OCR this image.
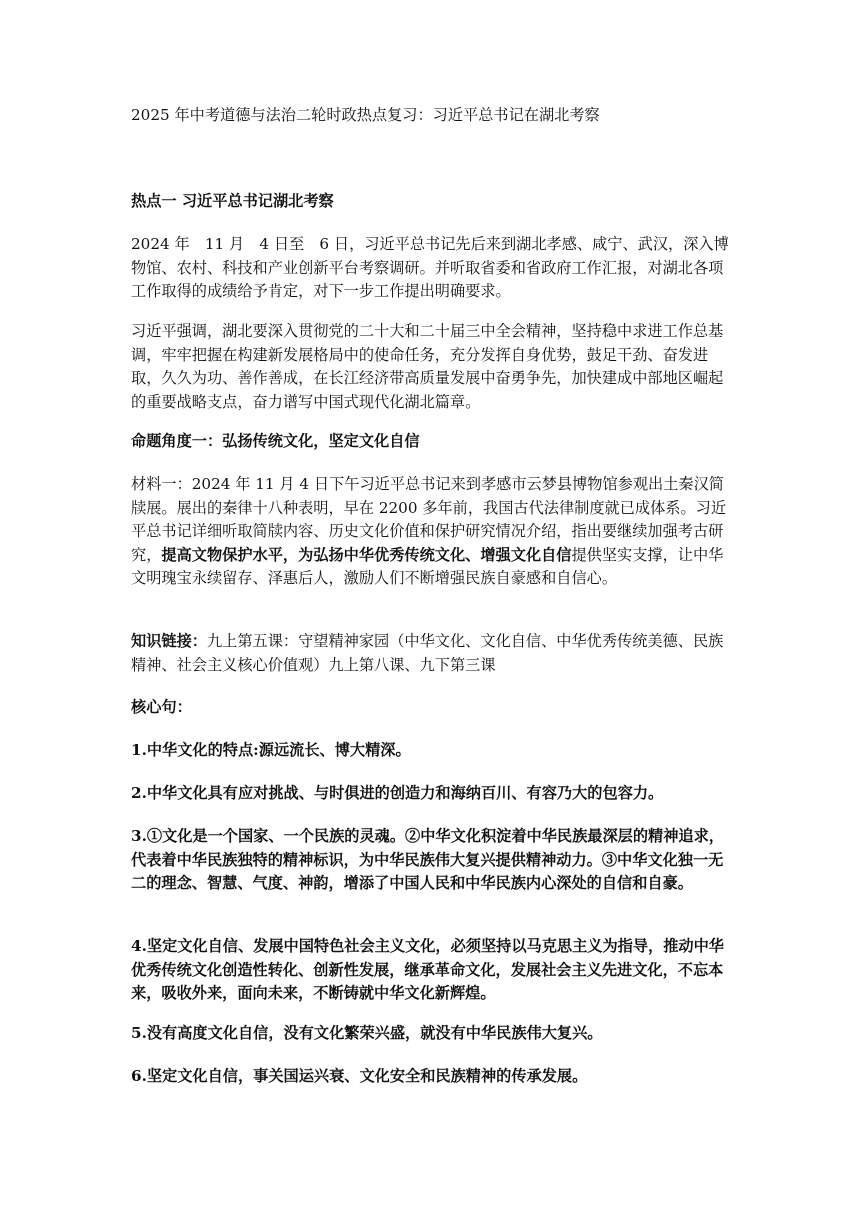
2025 年中考道德与法治二轮时政热点复习：习近平总书记在湖北考察

热点一 习近平总书记湖北考察

2024 年　11 月　4 日至　6 日，习近平总书记先后来到湖北孝感、咸宁、武汉，深入博物馆、农村、科技和产业创新平台考察调研。并听取省委和省政府工作汇报，对湖北各项工作取得的成绩给予肯定，对下一步工作提出明确要求。

习近平强调，湖北要深入贯彻党的二十大和二十届三中全会精神，坚持稳中求进工作总基调，牢牢把握在构建新发展格局中的使命任务，充分发挥自身优势，鼓足干劲、奋发进取，久久为功、善作善成，在长江经济带高质量发展中奋勇争先，加快建成中部地区崛起的重要战略支点，奋力谱写中国式现代化湖北篇章。

命题角度一：弘扬传统文化，坚定文化自信

材料一：2024 年 11 月 4 日下午习近平总书记来到孝感市云梦县博物馆参观出土秦汉简牍展。展出的秦律十八种表明，早在 2200 多年前，我国古代法律制度就已成体系。习近平总书记详细听取简牍内容、历史文化价值和保护研究情况介绍，指出要继续加强考古研究，提高文物保护水平，为弘扬中华优秀传统文化、增强文化自信提供坚实支撑，让中华文明瑰宝永续留存、泽惠后人，激励人们不断增强民族自豪感和自信心。

知识链接：九上第五课：守望精神家园（中华文化、文化自信、中华优秀传统美德、民族精神、社会主义核心价值观）九上第八课、九下第三课

核心句：

1.中华文化的特点:源远流长、博大精深。

2.中华文化具有应对挑战、与时俱进的创造力和海纳百川、有容乃大的包容力。

3.①文化是一个国家、一个民族的灵魂。②中华文化积淀着中华民族最深层的精神追求，代表着中华民族独特的精神标识，为中华民族伟大复兴提供精神动力。③中华文化独一无二的理念、智慧、气度、神韵，增添了中国人民和中华民族内心深处的自信和自豪。

4.坚定文化自信、发展中国特色社会主义文化，必须坚持以马克思主义为指导，推动中华优秀传统文化创造性转化、创新性发展，继承革命文化，发展社会主义先进文化，不忘本来，吸收外来，面向未来，不断铸就中华文化新辉煌。

5.没有高度文化自信，没有文化繁荣兴盛，就没有中华民族伟大复兴。

6.坚定文化自信，事关国运兴衰、文化安全和民族精神的传承发展。
